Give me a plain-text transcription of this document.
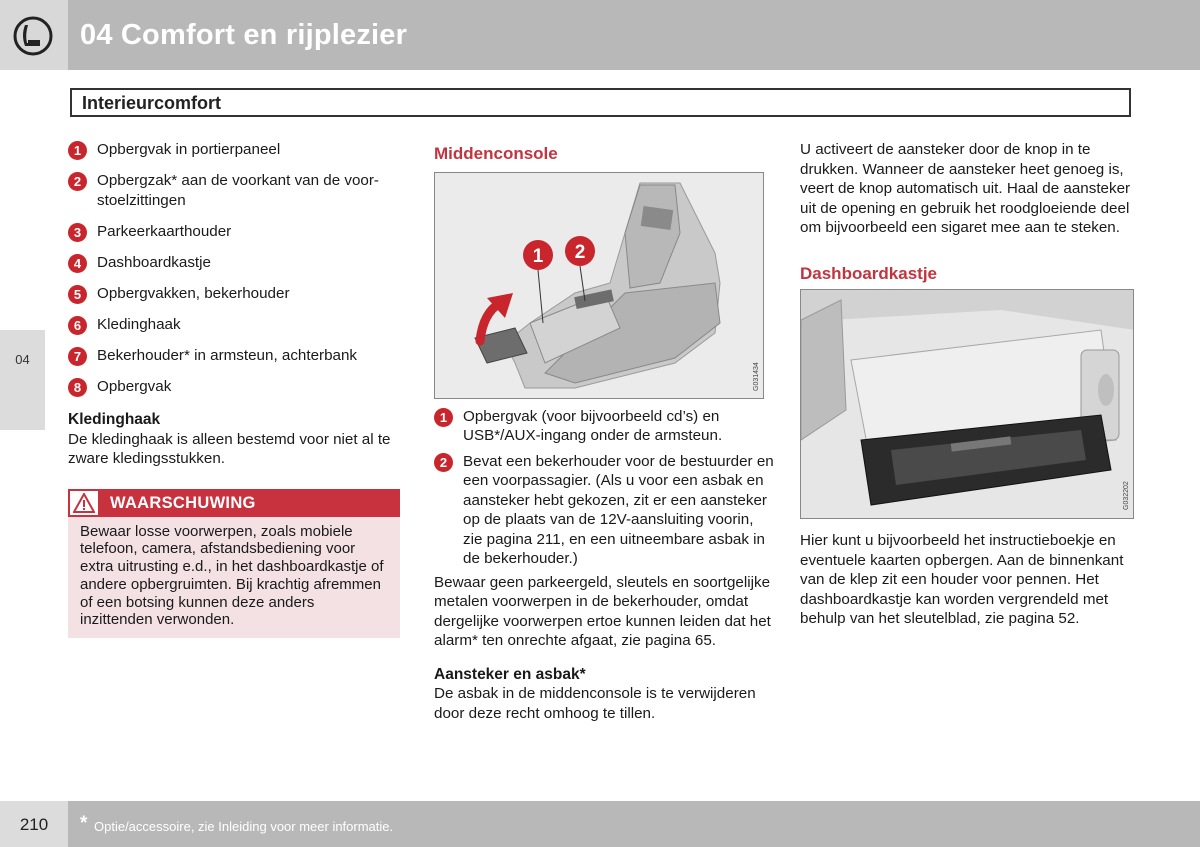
04 Comfort en rijplezier
Interieurcomfort
04
1	Opbergvak in portierpaneel
2	Opbergzak* aan de voorkant van de voor-stoelzittingen
3	Parkeerkaarthouder
4	Dashboardkastje
5	Opbergvakken, bekerhouder
6	Kledinghaak
7	Bekerhouder* in armsteun, achterbank
8	Opbergvak
Kledinghaak
De kledinghaak is alleen bestemd voor niet al te zware kledingsstukken.
WAARSCHUWING
Bewaar losse voorwerpen, zoals mobiele telefoon, camera, afstandsbediening voor extra uitrusting e.d., in het dashboardkastje of andere opbergruimten. Bij krachtig afremmen of een botsing kunnen deze anders inzittenden verwonden.
Middenconsole
1 2
G031434
1	Opbergvak (voor bijvoorbeeld cd’s) en USB*/AUX-ingang onder de armsteun.
2	Bevat een bekerhouder voor de bestuurder en een voorpassagier. (Als u voor een asbak en aansteker hebt gekozen, zit er een aansteker op de plaats van de 12V-aansluiting voorin, zie pagina 211, en een uitneembare asbak in de bekerhouder.)
Bewaar geen parkeergeld, sleutels en soortgelijke metalen voorwerpen in de bekerhouder, omdat dergelijke voorwerpen ertoe kunnen leiden dat het alarm* ten onrechte afgaat, zie pagina 65.
Aansteker en asbak*
De asbak in de middenconsole is te verwijderen door deze recht omhoog te tillen.
U activeert de aansteker door de knop in te drukken. Wanneer de aansteker heet genoeg is, veert de knop automatisch uit. Haal de aansteker uit de opening en gebruik het roodgloeiende deel om bijvoorbeeld een sigaret mee aan te steken.
Dashboardkastje
G032202
Hier kunt u bijvoorbeeld het instructieboekje en eventuele kaarten opbergen. Aan de binnenkant van de klep zit een houder voor pennen. Het dashboardkastje kan worden vergrendeld met behulp van het sleutelblad, zie pagina 52.
210	* Optie/accessoire, zie Inleiding voor meer informatie.
